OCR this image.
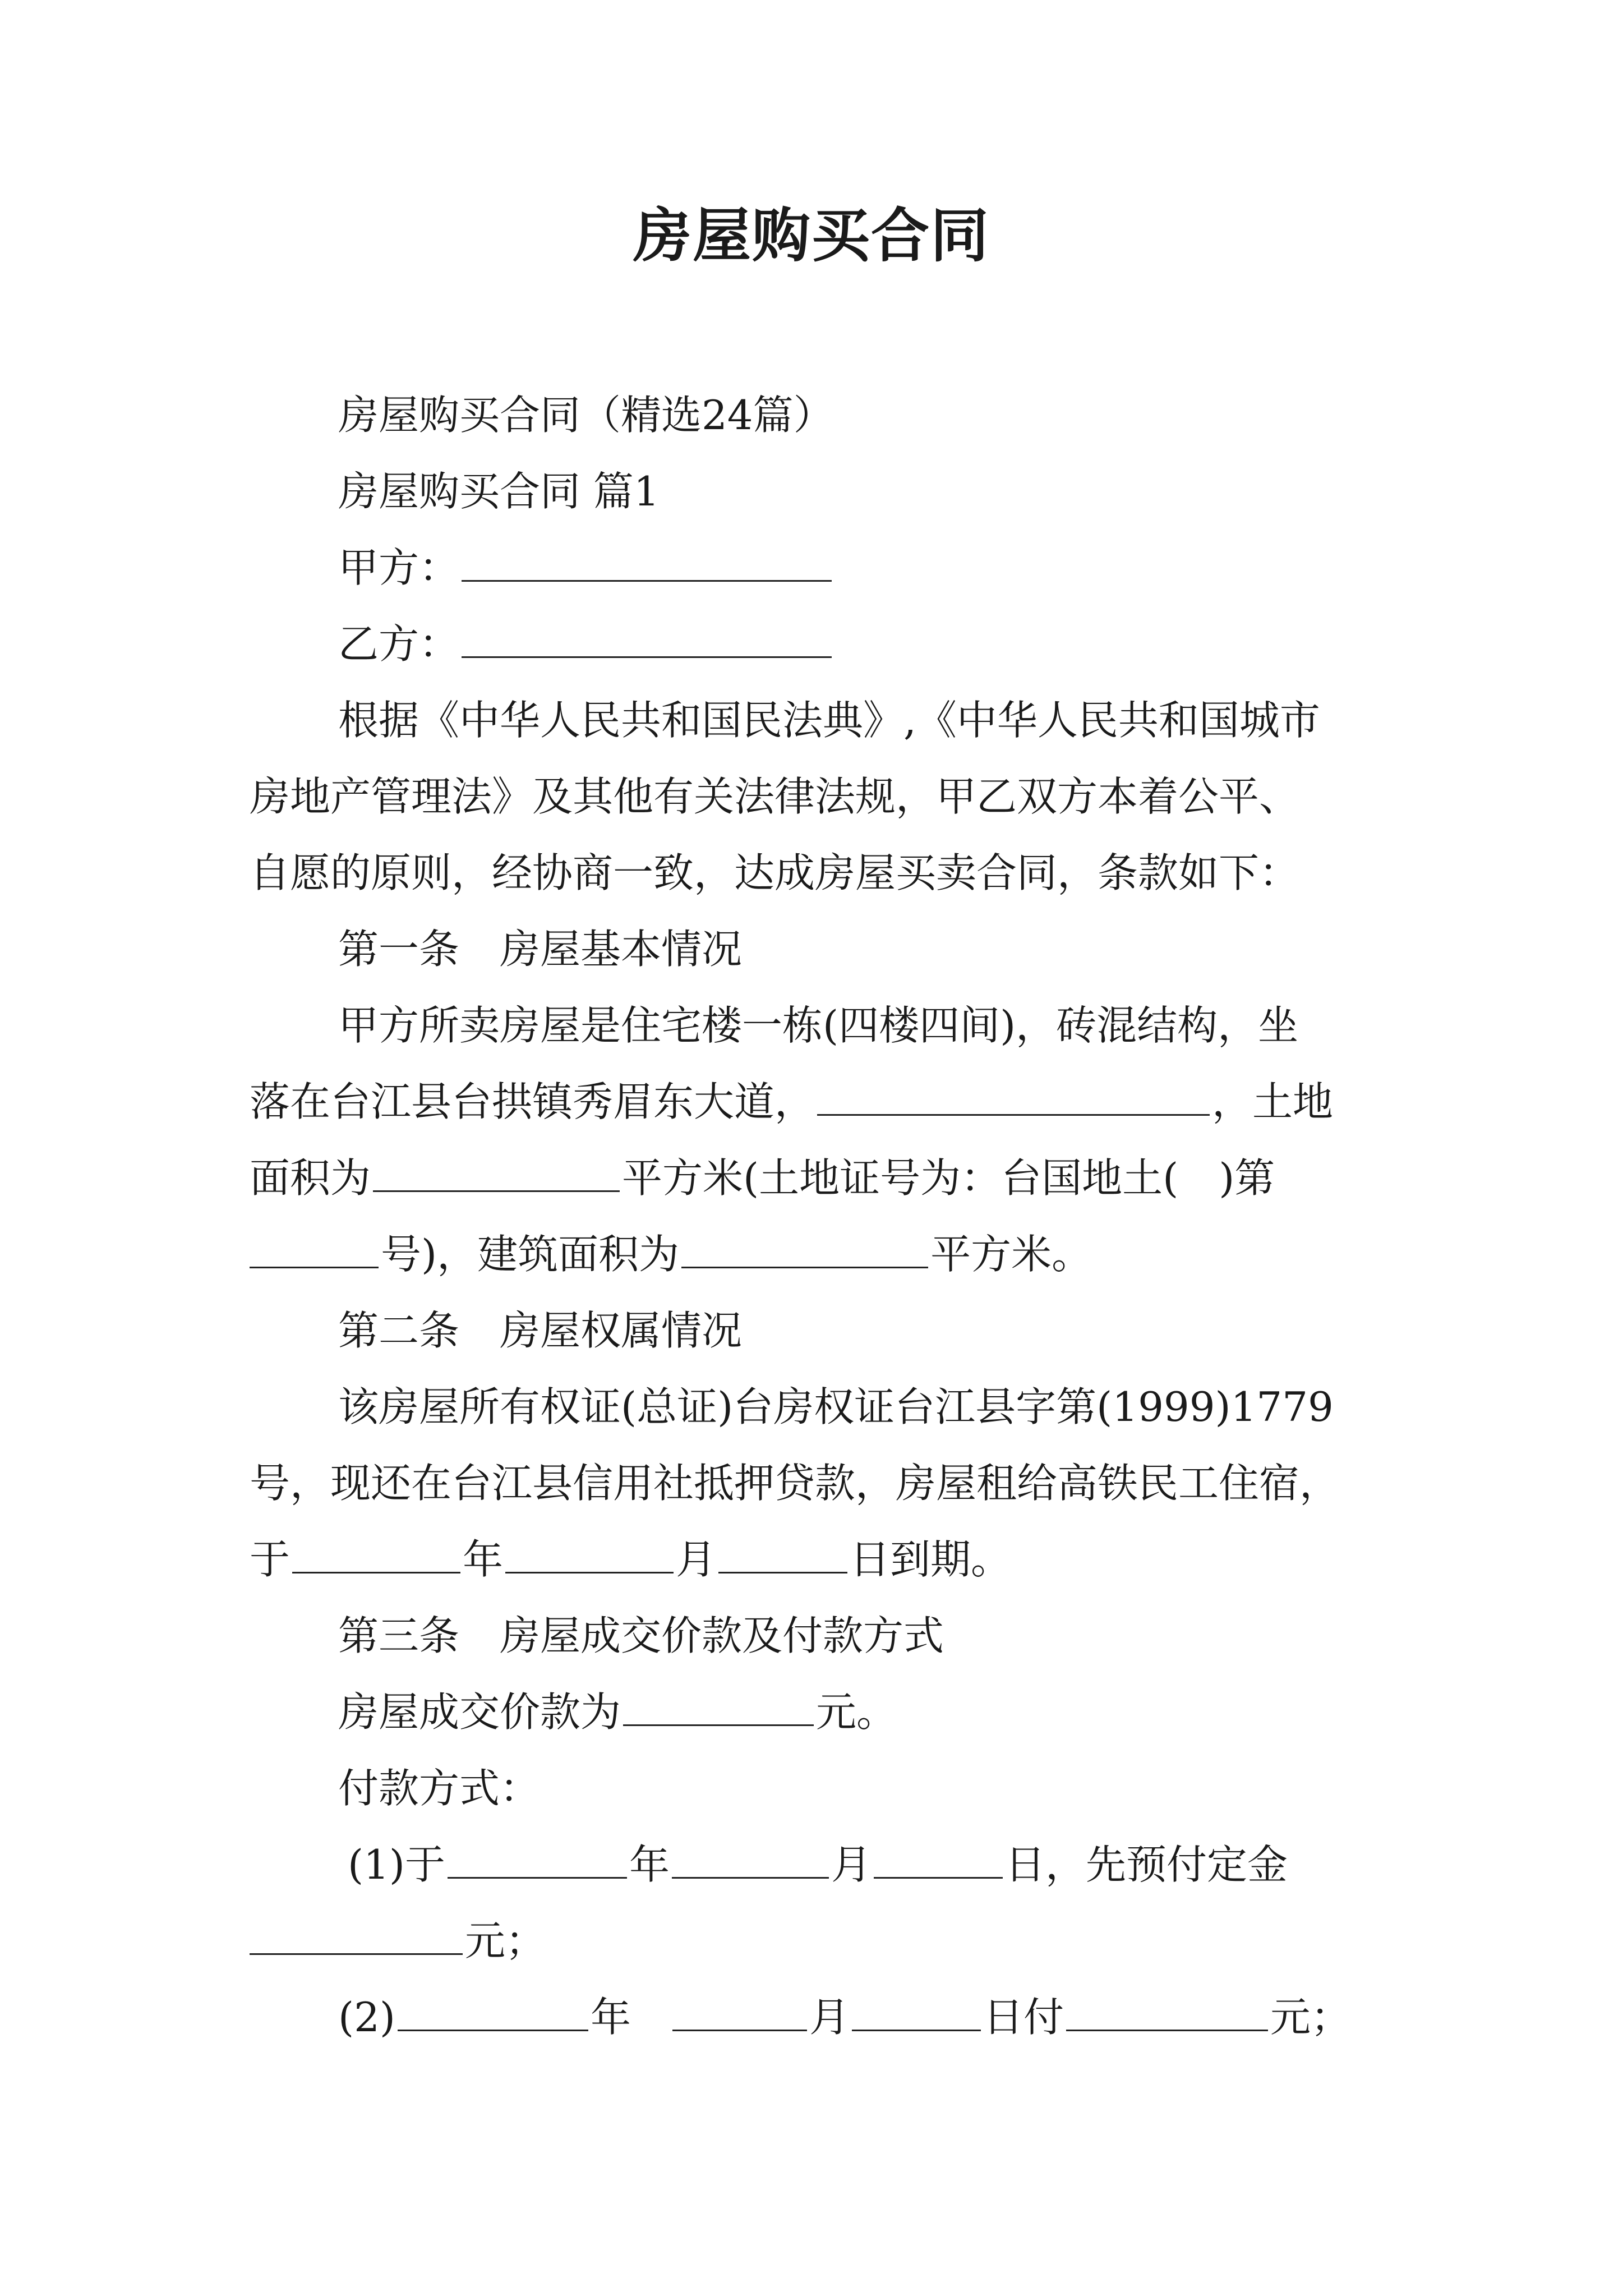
房屋购买合同
房屋购买合同（精选24篇）
房屋购买合同 篇1
甲方：
乙方：
根据《中华人民共和国民法典》,《中华人民共和国城市
房地产管理法》及其他有关法律法规，甲乙双方本着公平、
自愿的原则，经协商一致，达成房屋买卖合同，条款如下：
第一条　房屋基本情况
甲方所卖房屋是住宅楼一栋(四楼四间)，砖混结构，坐
落在台江县台拱镇秀眉东大道，	，土地
面积为	平方米(土地证号为：台国地土(　)第
号)，建筑面积为	平方米。
第二条　房屋权属情况
该房屋所有权证(总证)台房权证台江县字第(1999)1779
号，现还在台江县信用社抵押贷款，房屋租给高铁民工住宿，
于	年	月	日到期。
第三条　房屋成交价款及付款方式
房屋成交价款为	元。
付款方式：
(1)于	年	月	日，先预付定金
元；
(2)	年	月	日付	元；
